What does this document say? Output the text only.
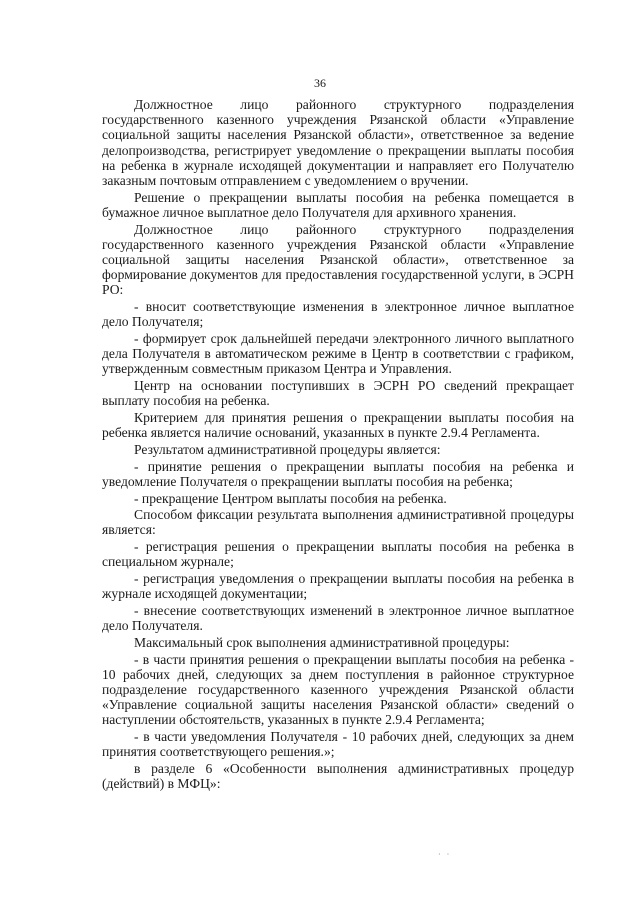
36

Должностное лицо районного структурного подразделения государственного казенного учреждения Рязанской области «Управление социальной защиты населения Рязанской области», ответственное за ведение делопроизводства, регистрирует уведомление о прекращении выплаты пособия на ребенка в журнале исходящей документации и направляет его Получателю заказным почтовым отправлением с уведомлением о вручении.

Решение о прекращении выплаты пособия на ребенка помещается в бумажное личное выплатное дело Получателя для архивного хранения.

Должностное лицо районного структурного подразделения государственного казенного учреждения Рязанской области «Управление социальной защиты населения Рязанской области», ответственное за формирование документов для предоставления государственной услуги, в ЭСРН РО:

- вносит соответствующие изменения в электронное личное выплатное дело Получателя;

- формирует срок дальнейшей передачи электронного личного выплатного дела Получателя в автоматическом режиме в Центр в соответствии с графиком, утвержденным совместным приказом Центра и Управления.

Центр на основании поступивших в ЭСРН РО сведений прекращает выплату пособия на ребенка.

Критерием для принятия решения о прекращении выплаты пособия на ребенка является наличие оснований, указанных в пункте 2.9.4 Регламента.

Результатом административной процедуры является:

- принятие решения о прекращении выплаты пособия на ребенка и уведомление Получателя о прекращении выплаты пособия на ребенка;

- прекращение Центром выплаты пособия на ребенка.

Способом фиксации результата выполнения административной процедуры является:

- регистрация решения о прекращении выплаты пособия на ребенка в специальном журнале;

- регистрация уведомления о прекращении выплаты пособия на ребенка в журнале исходящей документации;

- внесение соответствующих изменений в электронное личное выплатное дело Получателя.

Максимальный срок выполнения административной процедуры:

- в части принятия решения о прекращении выплаты пособия на ребенка - 10 рабочих дней, следующих за днем поступления в районное структурное подразделение государственного казенного учреждения Рязанской области «Управление социальной защиты населения Рязанской области» сведений о наступлении обстоятельств, указанных в пункте 2.9.4 Регламента;

- в части уведомления Получателя - 10 рабочих дней, следующих за днем принятия соответствующего решения.»;

в разделе 6 «Особенности выполнения административных процедур (действий) в МФЦ»:

· ·
